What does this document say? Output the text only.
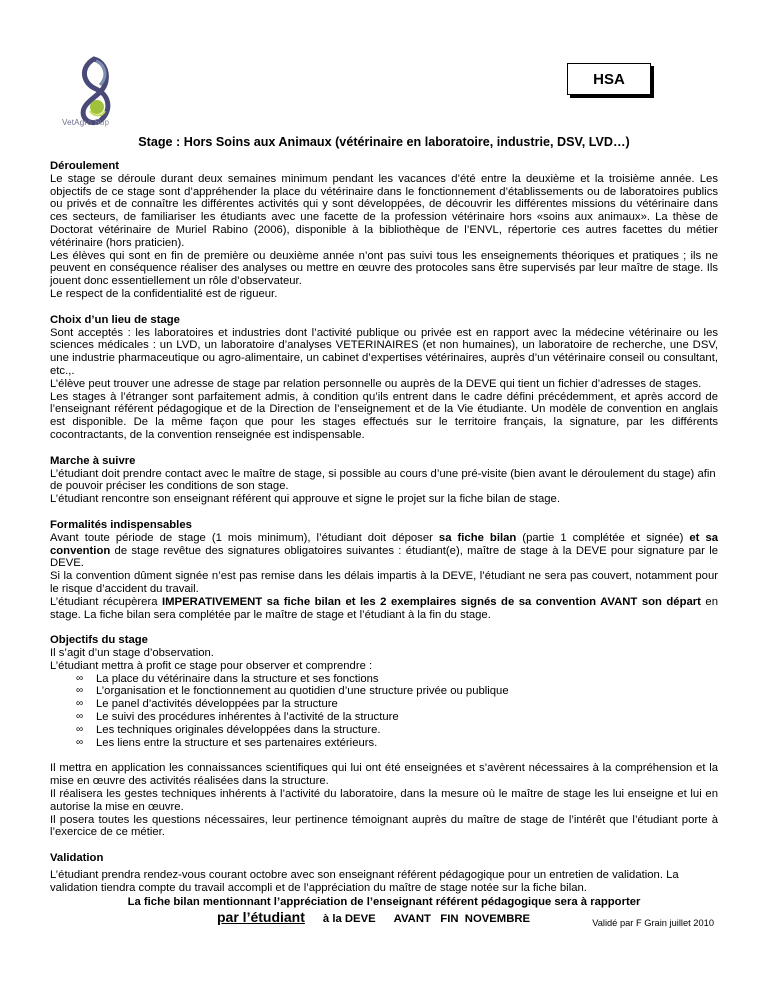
VetAgro Sup
HSA
Stage : Hors Soins aux Animaux (vétérinaire en laboratoire, industrie, DSV, LVD…)
Déroulement

Le stage se déroule durant deux semaines minimum pendant les vacances d’été entre la deuxième et la troisième année. Les objectifs de ce stage sont d’appréhender la place du vétérinaire dans le fonctionnement d’établissements ou de laboratoires publics ou privés et de connaître les différentes activités qui y sont développées, de découvrir les différentes missions du vétérinaire dans ces secteurs, de familiariser les étudiants avec une facette de la profession vétérinaire hors «soins aux animaux». La thèse de Doctorat vétérinaire de Muriel Rabino (2006), disponible à la bibliothèque de l’ENVL, répertorie ces autres facettes du métier vétérinaire (hors praticien).

Les élèves qui sont en fin de première ou deuxième année n’ont pas suivi tous les enseignements théoriques et pratiques ; ils ne peuvent en conséquence réaliser des analyses ou mettre en œuvre des protocoles sans être supervisés par leur maître de stage. Ils jouent donc essentiellement un rôle d’observateur.

Le respect de la confidentialité est de rigueur.

Choix d’un lieu de stage

Sont acceptés : les laboratoires et industries dont l’activité publique ou privée est en rapport avec la médecine vétérinaire ou les sciences médicales : un LVD, un laboratoire d’analyses VETERINAIRES (et non humaines), un laboratoire de recherche, une DSV, une industrie pharmaceutique ou agro-alimentaire, un cabinet d’expertises vétérinaires, auprès d’un vétérinaire conseil ou consultant, etc.,.

L’élève peut trouver une adresse de stage par relation personnelle ou auprès de la DEVE qui tient un fichier d’adresses de stages.

Les stages à l’étranger sont parfaitement admis, à condition qu’ils entrent dans le cadre défini précédemment, et après accord de l’enseignant référent pédagogique et de la Direction de l’enseignement et de la Vie étudiante. Un modèle de convention en anglais est disponible. De la même façon que pour les stages effectués sur le territoire français, la signature, par les différents cocontractants, de la convention renseignée est indispensable.

Marche à suivre

L’étudiant doit prendre contact avec le maître de stage, si possible au cours d’une pré-visite (bien avant le déroulement du stage) afin de pouvoir préciser les conditions de son stage.

L’étudiant rencontre son enseignant référent qui approuve et signe le projet sur la fiche bilan de stage.

Formalités indispensables

Avant toute période de stage (1 mois minimum), l’étudiant doit déposer sa fiche bilan (partie 1 complétée et signée) et sa convention de stage revêtue des signatures obligatoires suivantes : étudiant(e), maître de stage à la DEVE pour signature par le DEVE.

Si la convention dûment signée n’est pas remise dans les délais impartis à la DEVE, l’étudiant ne sera pas couvert, notamment pour le risque d’accident du travail.

L’étudiant récupèrera IMPERATIVEMENT sa fiche bilan et les 2 exemplaires signés de sa convention AVANT son départ en stage. La fiche bilan sera complétée par le maître de stage et l’étudiant à la fin du stage.

Objectifs du stage

Il s’agit d’un stage d’observation.

L’étudiant mettra à profit ce stage pour observer et comprendre :

∞ La place du vétérinaire dans la structure et ses fonctions
∞ L’organisation et le fonctionnement au quotidien d’une structure privée ou publique
∞ Le panel d’activités développées par la structure
∞ Le suivi des procédures inhérentes à l’activité de la structure
∞ Les techniques originales développées dans la structure.
∞ Les liens entre la structure et ses partenaires extérieurs.

Il mettra en application les connaissances scientifiques qui lui ont été enseignées et s’avèrent nécessaires à la compréhension et la mise en œuvre des activités réalisées dans la structure.

Il réalisera les gestes techniques inhérents à l’activité du laboratoire, dans la mesure où le maître de stage les lui enseigne et lui en autorise la mise en œuvre.

Il posera toutes les questions nécessaires, leur pertinence témoignant auprès du maître de stage de l’intérêt que l’étudiant porte à l’exercice de ce métier.

Validation

L’étudiant prendra rendez-vous courant octobre avec son enseignant référent pédagogique pour un entretien de validation. La validation tiendra compte du travail accompli et de l’appréciation du maître de stage notée sur la fiche bilan.

La fiche bilan mentionnant l’appréciation de l’enseignant référent pédagogique sera à rapporter
par l’étudiant à la DEVE AVANT   FIN  NOVEMBRE	Validé par F Grain juillet 2010
